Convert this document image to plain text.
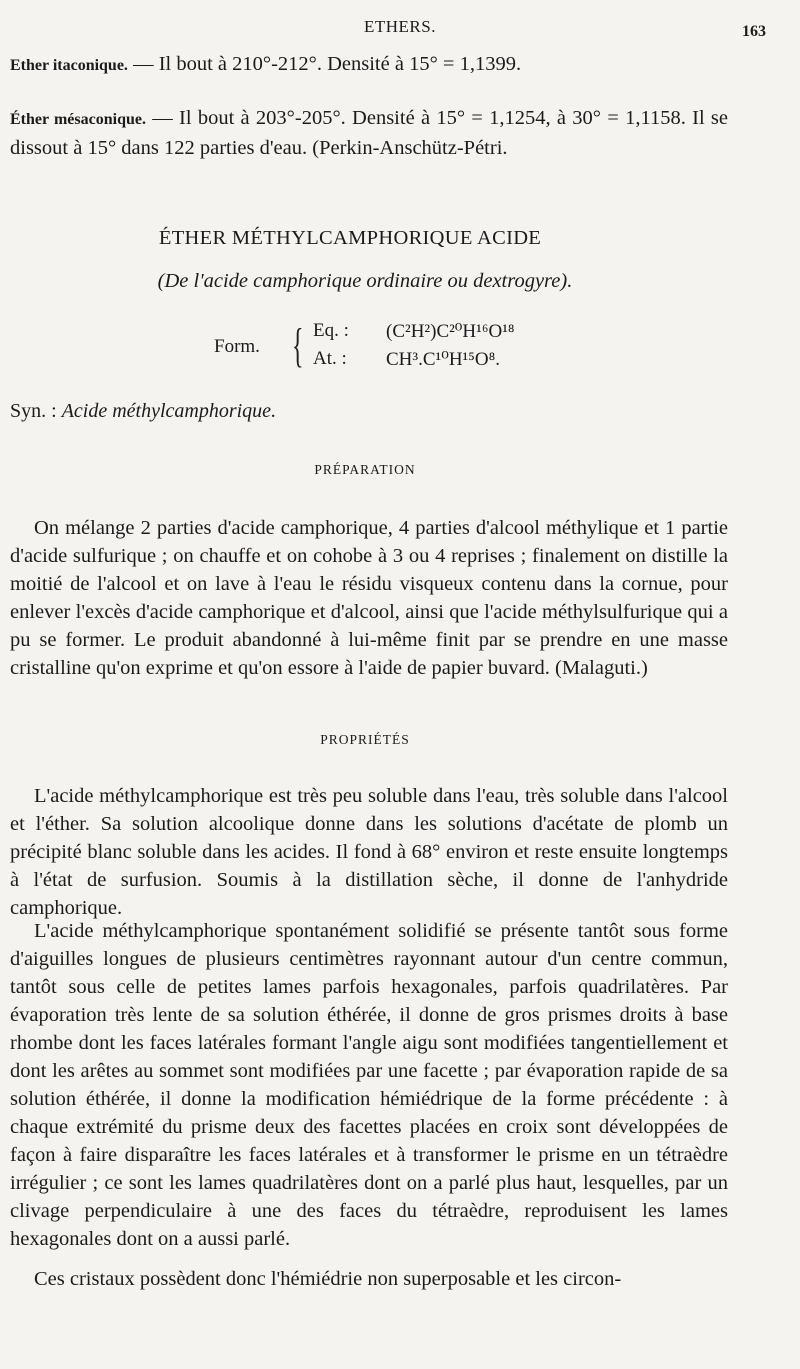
ETHERS.	163
Ether itaconique. — Il bout à 210°-212°. Densité à 15° = 1,1399.
Éther mésaconique. — Il bout à 203°-205°. Densité à 15° = 1,1254, à 30° = 1,1158. Il se dissout à 15° dans 122 parties d'eau. (Perkin-Anschütz-Pétri.
ÉTHER MÉTHYLCAMPHORIQUE ACIDE
(De l'acide camphorique ordinaire ou dextrogyre).
Form. { Eq. : (C²H²)C²⁰H¹⁶O¹⁸
At. : CH³.C¹⁰H¹⁵O⁸.
Syn. : Acide méthylcamphorique.
PRÉPARATION
On mélange 2 parties d'acide camphorique, 4 parties d'alcool méthylique et 1 partie d'acide sulfurique ; on chauffe et on cohobe à 3 ou 4 reprises ; finalement on distille la moitié de l'alcool et on lave à l'eau le résidu visqueux contenu dans la cornue, pour enlever l'excès d'acide camphorique et d'alcool, ainsi que l'acide méthylsulfurique qui a pu se former. Le produit abandonné à lui-même finit par se prendre en une masse cristalline qu'on exprime et qu'on essore à l'aide de papier buvard. (Malaguti.)
PROPRIÉTÉS
L'acide méthylcamphorique est très peu soluble dans l'eau, très soluble dans l'alcool et l'éther. Sa solution alcoolique donne dans les solutions d'acétate de plomb un précipité blanc soluble dans les acides. Il fond à 68° environ et reste ensuite longtemps à l'état de surfusion. Soumis à la distillation sèche, il donne de l'anhydride camphorique.
L'acide méthylcamphorique spontanément solidifié se présente tantôt sous forme d'aiguilles longues de plusieurs centimètres rayonnant autour d'un centre commun, tantôt sous celle de petites lames parfois hexagonales, parfois quadrilatères. Par évaporation très lente de sa solution éthérée, il donne de gros prismes droits à base rhombe dont les faces latérales formant l'angle aigu sont modifiées tangentiellement et dont les arêtes au sommet sont modifiées par une facette ; par évaporation rapide de sa solution éthérée, il donne la modification hémiédrique de la forme précédente : à chaque extrémité du prisme deux des facettes placées en croix sont développées de façon à faire disparaître les faces latérales et à transformer le prisme en un tétraèdre irrégulier ; ce sont les lames quadrilatères dont on a parlé plus haut, lesquelles, par un clivage perpendiculaire à une des faces du tétraèdre, reproduisent les lames hexagonales dont on a aussi parlé.
Ces cristaux possèdent donc l'hémiédrie non superposable et les circon-
